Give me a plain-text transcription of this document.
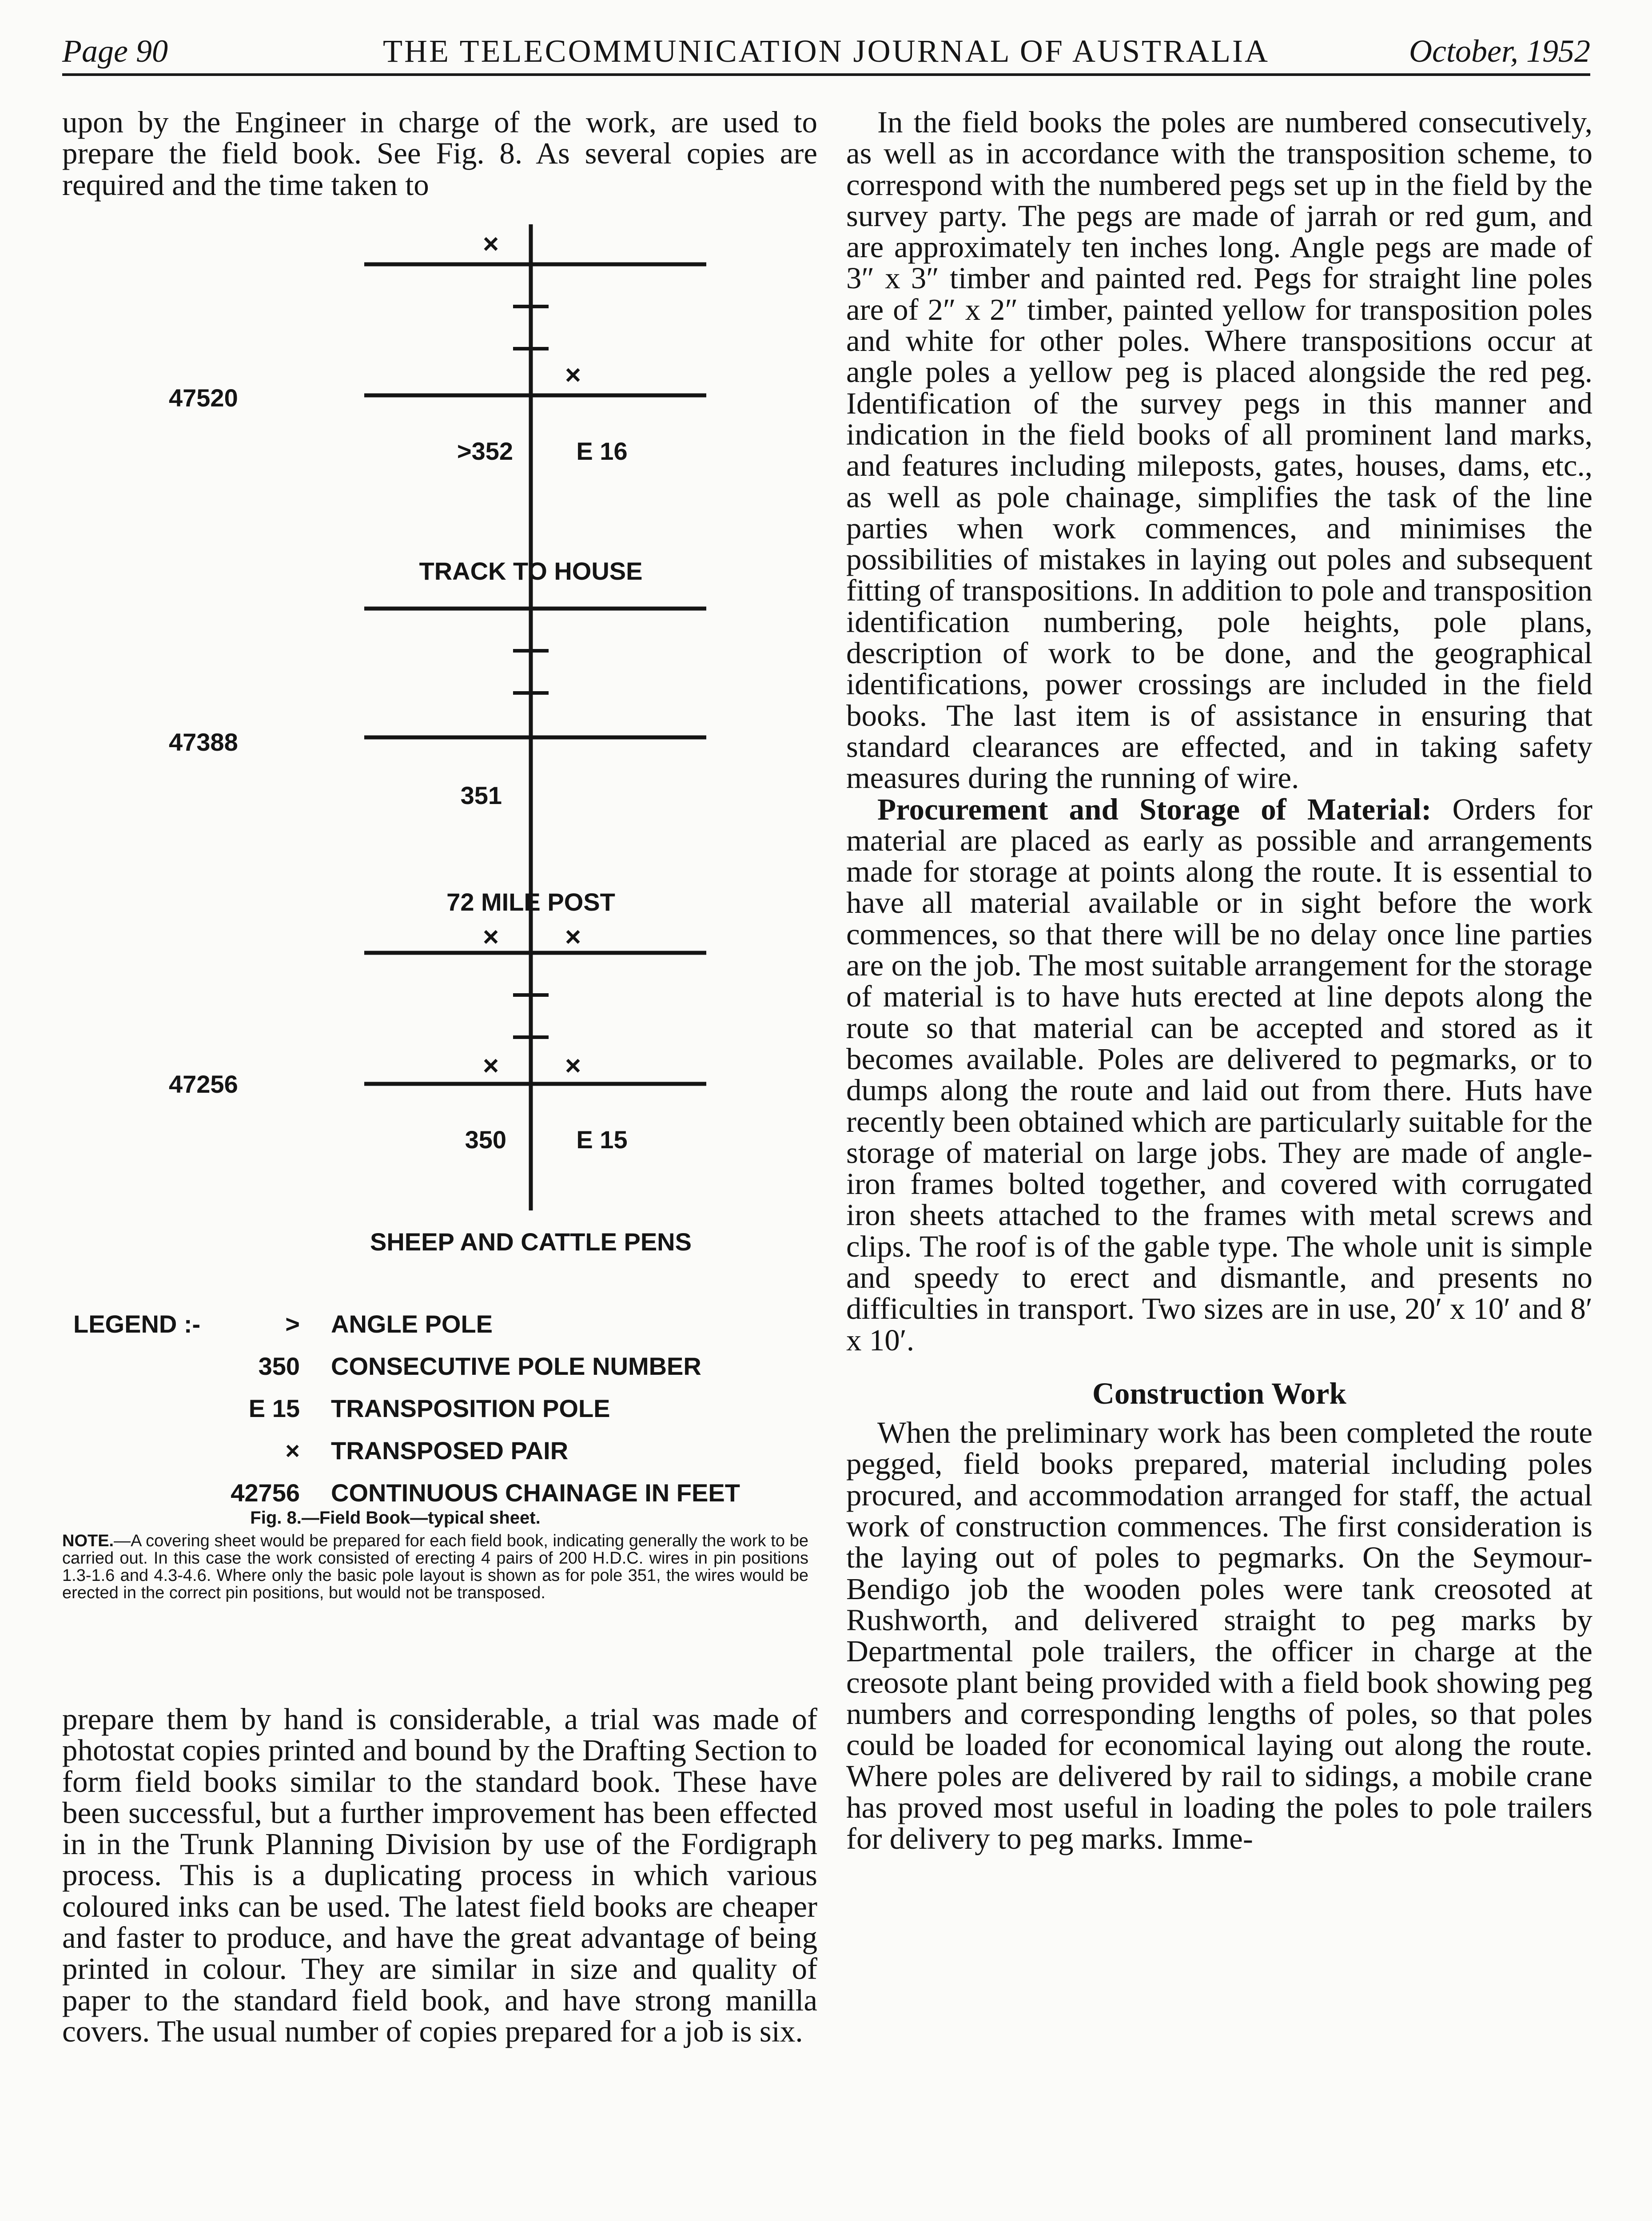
Page 90	THE TELECOMMUNICATION JOURNAL OF AUSTRALIA	October, 1952

upon by the Engineer in charge of the work, are used to prepare the field book. See Fig. 8. As several copies are required and the time taken to

×
×
× ×
× ×
47520
47388
47256
>352	E 16
TRACK TO HOUSE
351
72 MILE POST
350	E 15
SHEEP AND CATTLE PENS
LEGEND :-	> ANGLE POLE
350 CONSECUTIVE POLE NUMBER
E 15 TRANSPOSITION POLE
× TRANSPOSED PAIR
42756 CONTINUOUS CHAINAGE IN FEET
Fig. 8.—Field Book—typical sheet.
NOTE.—A covering sheet would be prepared for each field book, indicating generally the work to be carried out. In this case the work consisted of erecting 4 pairs of 200 H.D.C. wires in pin positions 1.3-1.6 and 4.3-4.6. Where only the basic pole layout is shown as for pole 351, the wires would be erected in the correct pin positions, but would not be transposed.

prepare them by hand is considerable, a trial was made of photostat copies printed and bound by the Drafting Section to form field books similar to the standard book. These have been successful, but a further improvement has been effected in in the Trunk Planning Division by use of the Fordigraph process. This is a duplicating process in which various coloured inks can be used. The latest field books are cheaper and faster to produce, and have the great advantage of being printed in colour. They are similar in size and quality of paper to the standard field book, and have strong manilla covers. The usual number of copies prepared for a job is six.

In the field books the poles are numbered consecutively, as well as in accordance with the transposition scheme, to correspond with the numbered pegs set up in the field by the survey party. The pegs are made of jarrah or red gum, and are approximately ten inches long. Angle pegs are made of 3″ x 3″ timber and painted red. Pegs for straight line poles are of 2″ x 2″ timber, painted yellow for transposition poles and white for other poles. Where transpositions occur at angle poles a yellow peg is placed alongside the red peg. Identification of the survey pegs in this manner and indication in the field books of all prominent land marks, and features including mileposts, gates, houses, dams, etc., as well as pole chainage, simplifies the task of the line parties when work commences, and minimises the possibilities of mistakes in laying out poles and subsequent fitting of transpositions. In addition to pole and transposition identification numbering, pole heights, pole plans, description of work to be done, and the geographical identifications, power crossings are included in the field books. The last item is of assistance in ensuring that standard clearances are effected, and in taking safety measures during the running of wire.

Procurement and Storage of Material: Orders for material are placed as early as possible and arrangements made for storage at points along the route. It is essential to have all material available or in sight before the work commences, so that there will be no delay once line parties are on the job. The most suitable arrangement for the storage of material is to have huts erected at line depots along the route so that material can be accepted and stored as it becomes available. Poles are delivered to pegmarks, or to dumps along the route and laid out from there. Huts have recently been obtained which are particularly suitable for the storage of material on large jobs. They are made of angle-iron frames bolted together, and covered with corrugated iron sheets attached to the frames with metal screws and clips. The roof is of the gable type. The whole unit is simple and speedy to erect and dismantle, and presents no difficulties in transport. Two sizes are in use, 20′ x 10′ and 8′ x 10′.

Construction Work

When the preliminary work has been completed the route pegged, field books prepared, material including poles procured, and accommodation arranged for staff, the actual work of construction commences. The first consideration is the laying out of poles to pegmarks. On the Seymour-Bendigo job the wooden poles were tank creosoted at Rushworth, and delivered straight to peg marks by Departmental pole trailers, the officer in charge at the creosote plant being provided with a field book showing peg numbers and corresponding lengths of poles, so that poles could be loaded for economical laying out along the route. Where poles are delivered by rail to sidings, a mobile crane has proved most useful in loading the poles to pole trailers for delivery to peg marks. Imme-
